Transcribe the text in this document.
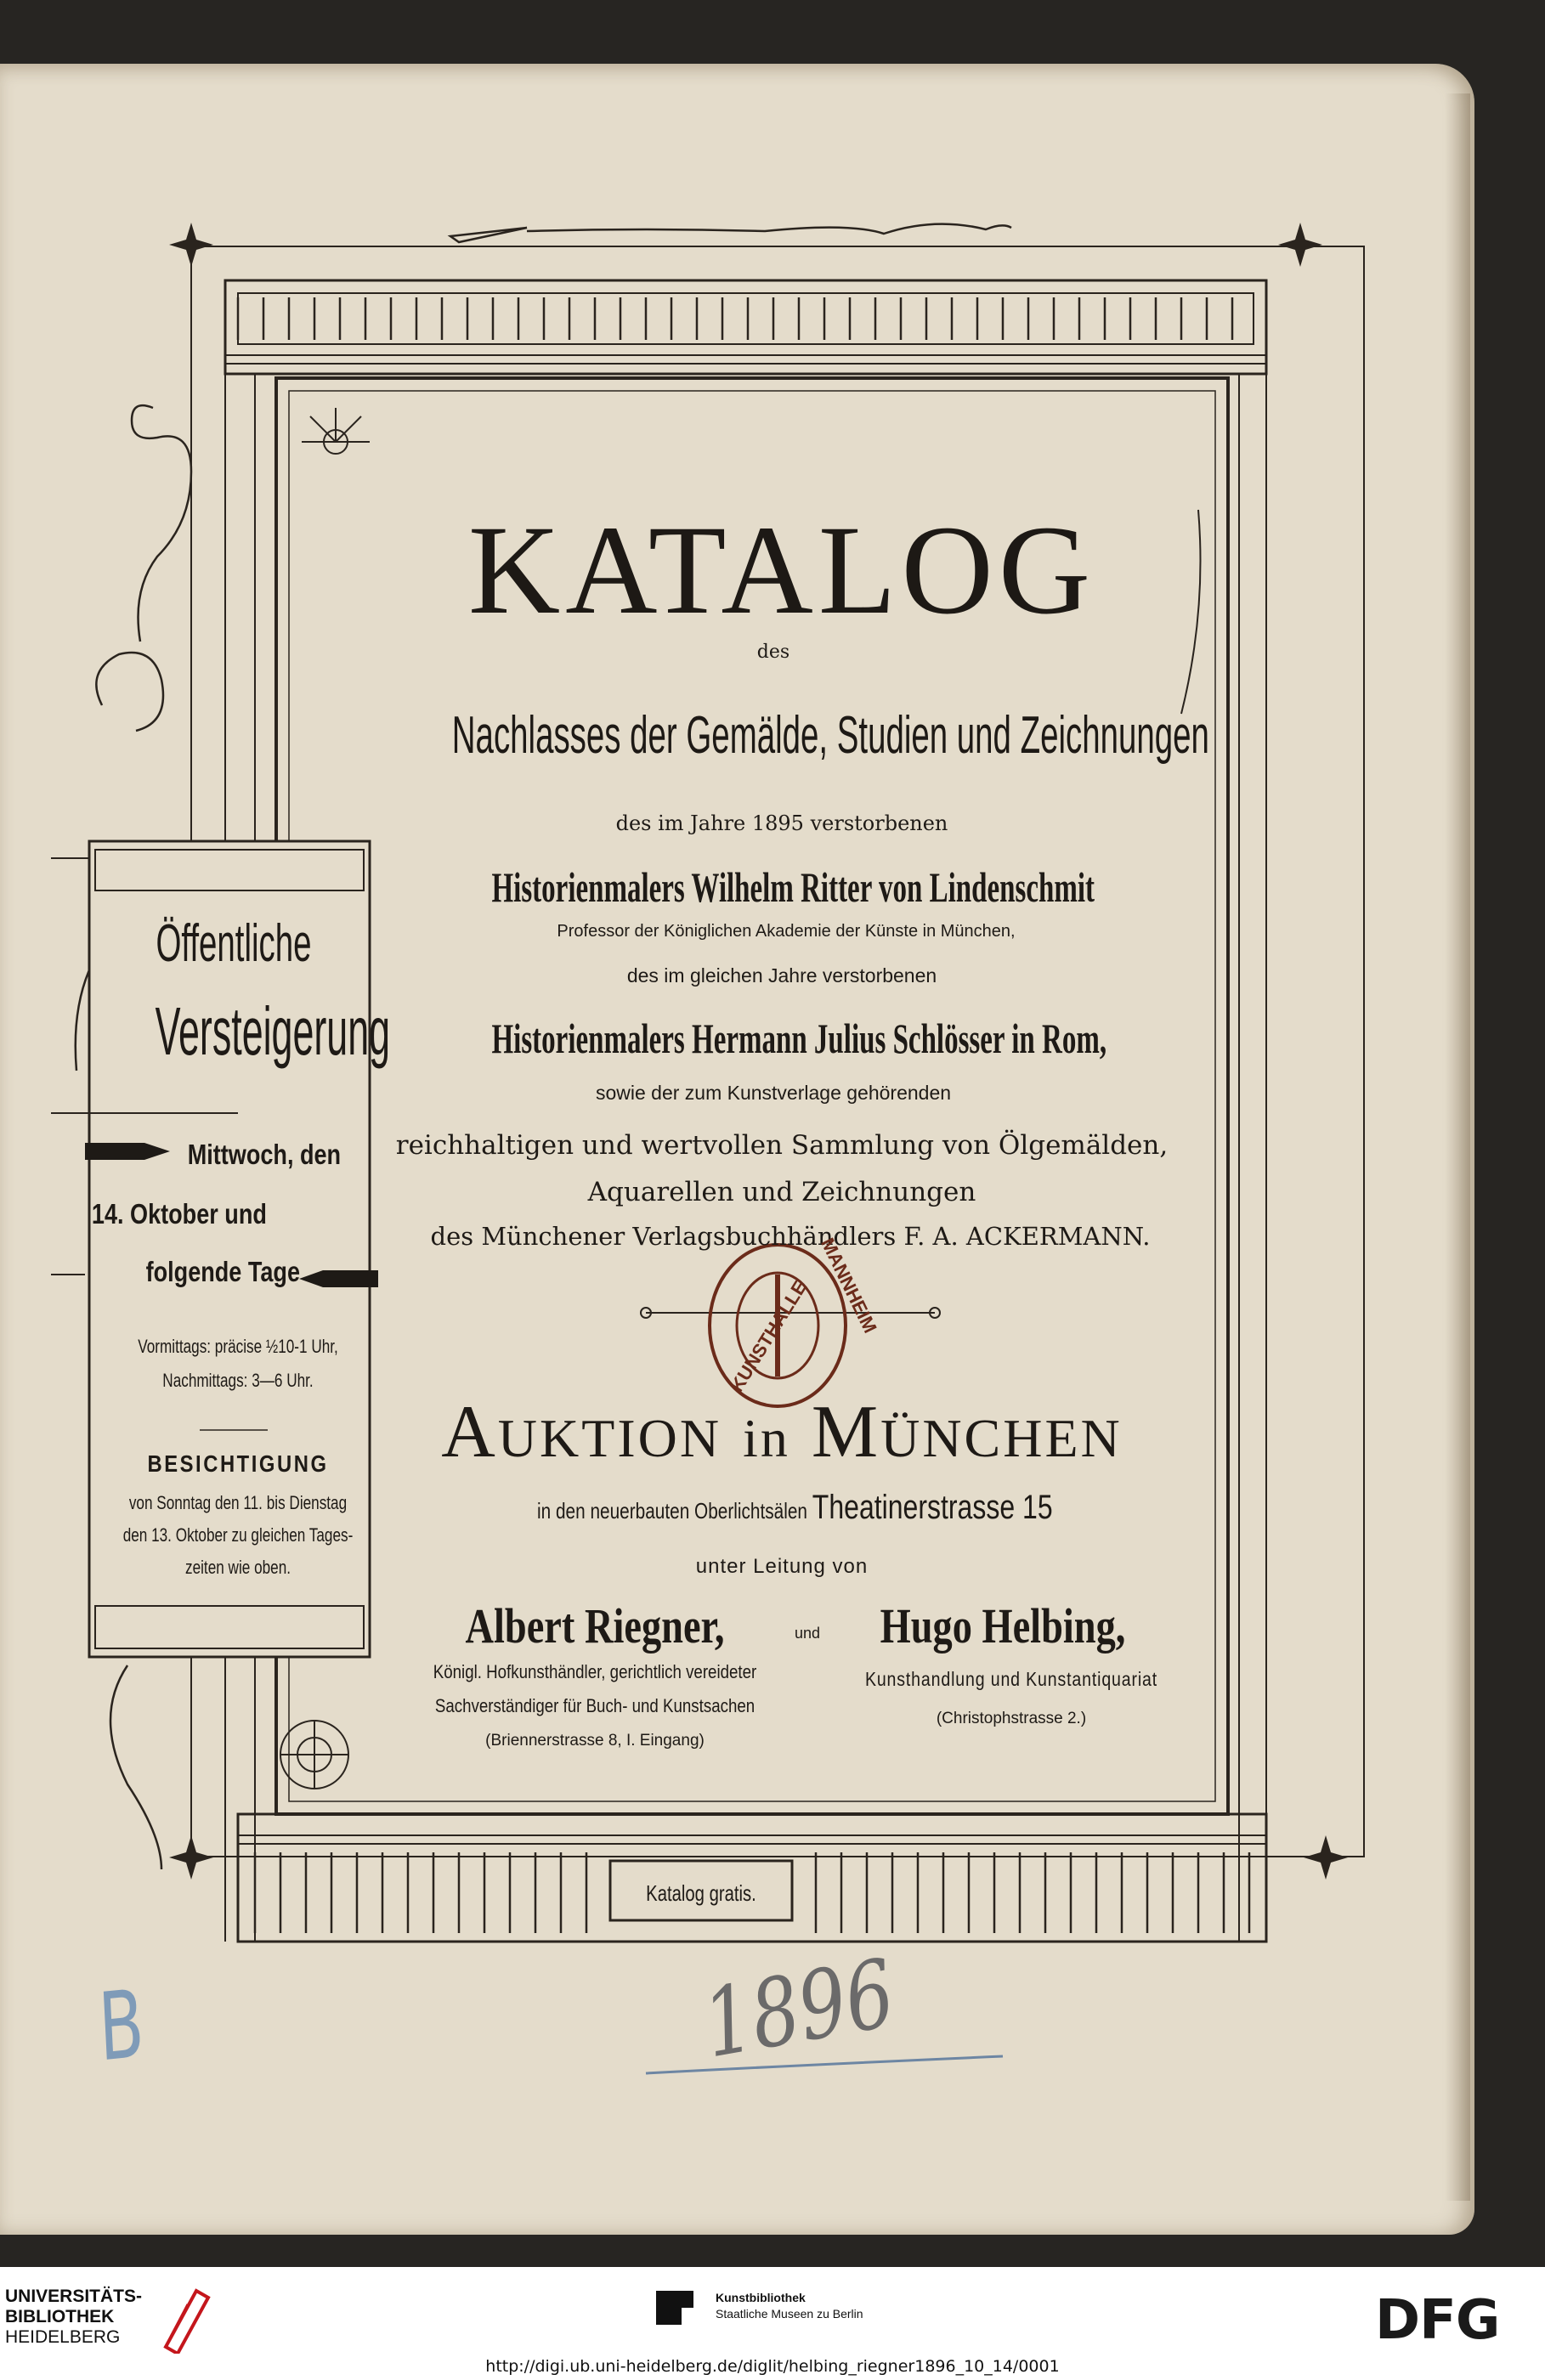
KATALOG
des
Nachlasses der Gemälde, Studien und Zeichnungen
des im Jahre 1895 verstorbenen
Historienmalers Wilhelm Ritter von Lindenschmit
Professor der Königlichen Akademie der Künste in München,
des im gleichen Jahre verstorbenen
Historienmalers Hermann Julius Schlösser in Rom,
sowie der zum Kunstverlage gehörenden
reichhaltigen und wertvollen Sammlung von Ölgemälden,
Aquarellen und Zeichnungen
des Münchener Verlagsbuchhändlers F. A. ACKERMANN.
AUKTION in MÜNCHEN
in den neuerbauten Oberlichtsälen Theatinerstrasse 15
unter Leitung von
Albert Riegner,	und Hugo Helbing,
Königl. Hofkunsthändler, gerichtlich vereideter
Sachverständiger für Buch- und Kunstsachen
(Briennerstrasse 8, I. Eingang)
Kunsthandlung und Kunstantiquariat
(Christophstrasse 2.)
Katalog gratis.
Öffentliche
Versteigerung
Mittwoch, den
14. Oktober und
folgende Tage
Vormittags: präcise ½10-1 Uhr,
Nachmittags: 3—6 Uhr.
BESICHTIGUNG
von Sonntag den 11. bis Dienstag
den 13. Oktober zu gleichen Tages-
zeiten wie oben.
KUNSTHALLE MANNHEIM
B	1896
UNIVERSITÄTS-
BIBLIOTHEK
HEIDELBERG
Kunstbibliothek
Staatliche Museen zu Berlin	DFG
http://digi.ub.uni-heidelberg.de/diglit/helbing_riegner1896_10_14/0001
